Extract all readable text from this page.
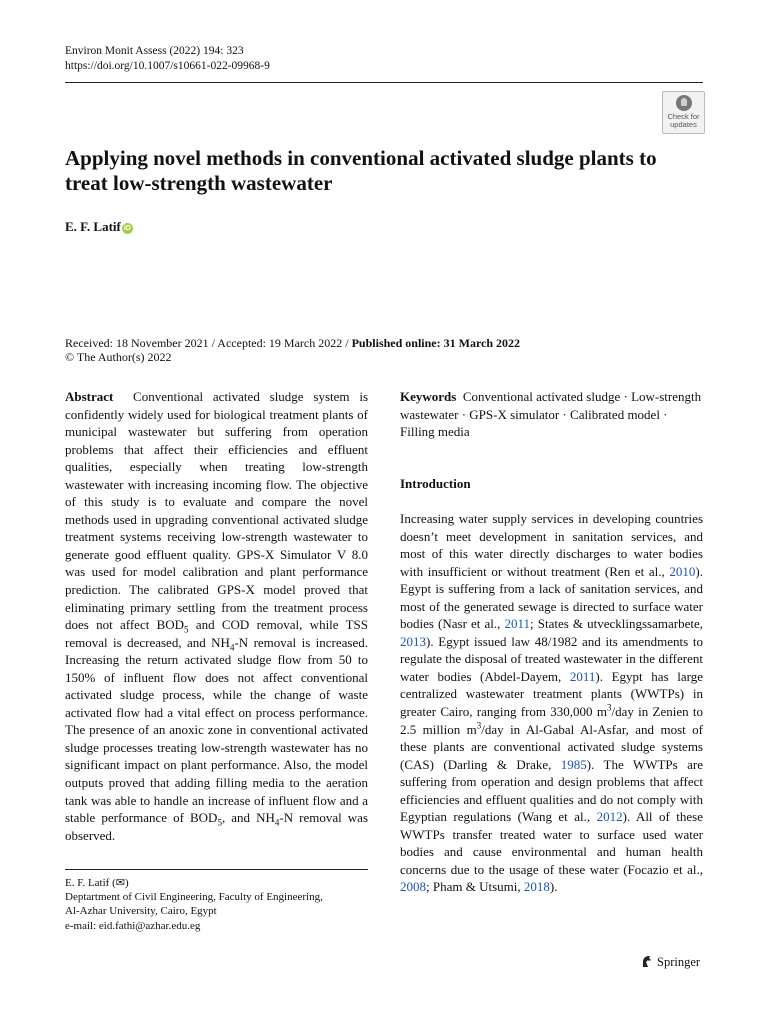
Environ Monit Assess (2022) 194: 323
https://doi.org/10.1007/s10661-022-09968-9
Check for
updates
Applying novel methods in conventional activated sludge plants to treat low-strength wastewater
E. F. Latif iD
Received: 18 November 2021 / Accepted: 19 March 2022 / Published online: 31 March 2022
© The Author(s) 2022
Abstract Conventional activated sludge system is confidently widely used for biological treatment plants of municipal wastewater but suffering from operation problems that affect their efficiencies and effluent qualities, especially when treating low-strength wastewater with increasing incoming flow. The objective of this study is to evaluate and compare the novel methods used in upgrading conventional activated sludge treatment systems receiving low-strength wastewater to generate good effluent quality. GPS-X Simulator V 8.0 was used for model calibration and plant performance prediction. The calibrated GPS-X model proved that eliminating primary settling from the treatment process does not affect $BOD_5$ and COD removal, while TSS removal is decreased, and $NH_4-N$ removal is increased. Increasing the return activated sludge flow from 50 to 150% of influent flow does not affect conventional activated sludge process, while the change of waste activated flow had a vital effect on process performance. The presence of an anoxic zone in conventional activated sludge processes treating low-strength wastewater has no significant impact on plant performance. Also, the model outputs proved that adding filling media to the aeration tank was able to handle an increase of influent flow and a stable performance of $BOD_5$, and $NH_4-N$ removal was observed.
Keywords Conventional activated sludge · Low-strength wastewater · GPS-X simulator · Calibrated model · Filling media
Introduction
Increasing water supply services in developing countries doesn’t meet development in sanitation services, and most of this water directly discharges to water bodies with insufficient or without treatment (Ren et al., 2010). Egypt is suffering from a lack of sanitation services, and most of the generated sewage is directed to surface water bodies (Nasr et al., 2011; States & utvecklingssamarbete, 2013). Egypt issued law 48/1982 and its amendments to regulate the disposal of treated wastewater in the different water bodies (Abdel-Dayem, 2011). Egypt has large centralized wastewater treatment plants (WWTPs) in greater Cairo, ranging from 330,000 $m^3$/day in Zenien to 2.5 million $m^3$/day in Al-Gabal Al-Asfar, and most of these plants are conventional activated sludge systems (CAS) (Darling & Drake, 1985). The WWTPs are suffering from operation and design problems that affect efficiencies and effluent qualities and do not comply with Egyptian regulations (Wang et al., 2012). All of these WWTPs transfer treated water to surface used water bodies and cause environmental and human health concerns due to the usage of these water (Focazio et al., 2008; Pham & Utsumi, 2018).
E. F. Latif (✉)
Deptartment of Civil Engineering, Faculty of Engineering,
Al-Azhar University, Cairo, Egypt
e-mail: eid.fathi@azhar.edu.eg
Springer
